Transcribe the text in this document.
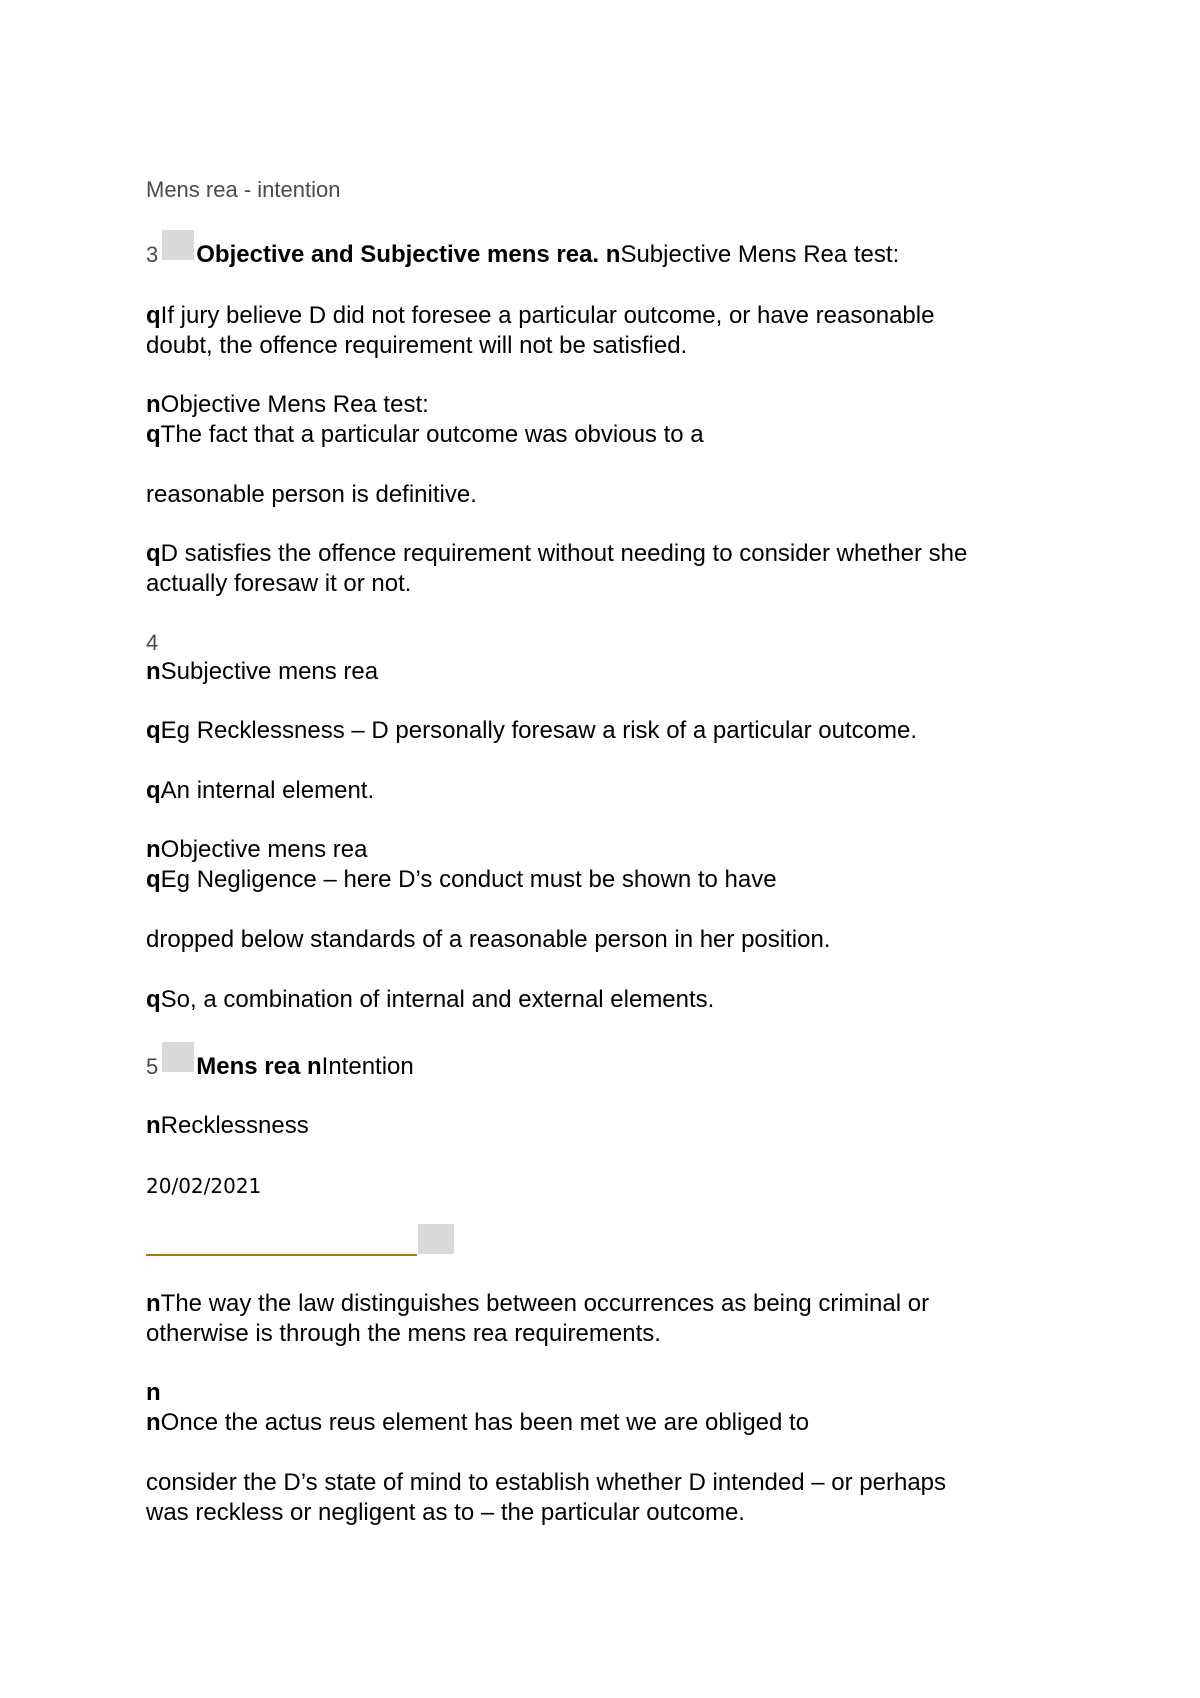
Mens rea - intention
3 Objective and Subjective mens rea. nSubjective Mens Rea test:
qIf jury believe D did not foresee a particular outcome, or have reasonable
doubt, the offence requirement will not be satisfied.
nObjective Mens Rea test:
qThe fact that a particular outcome was obvious to a
reasonable person is definitive.
qD satisfies the offence requirement without needing to consider whether she
actually foresaw it or not.
4
nSubjective mens rea
qEg Recklessness – D personally foresaw a risk of a particular outcome.
qAn internal element.
nObjective mens rea
qEg Negligence – here D’s conduct must be shown to have
dropped below standards of a reasonable person in her position.
qSo, a combination of internal and external elements.
5 Mens rea nIntention
nRecklessness
20/02/2021
nThe way the law distinguishes between occurrences as being criminal or
otherwise is through the mens rea requirements.
n
nOnce the actus reus element has been met we are obliged to
consider the D’s state of mind to establish whether D intended – or perhaps
was reckless or negligent as to – the particular outcome.
